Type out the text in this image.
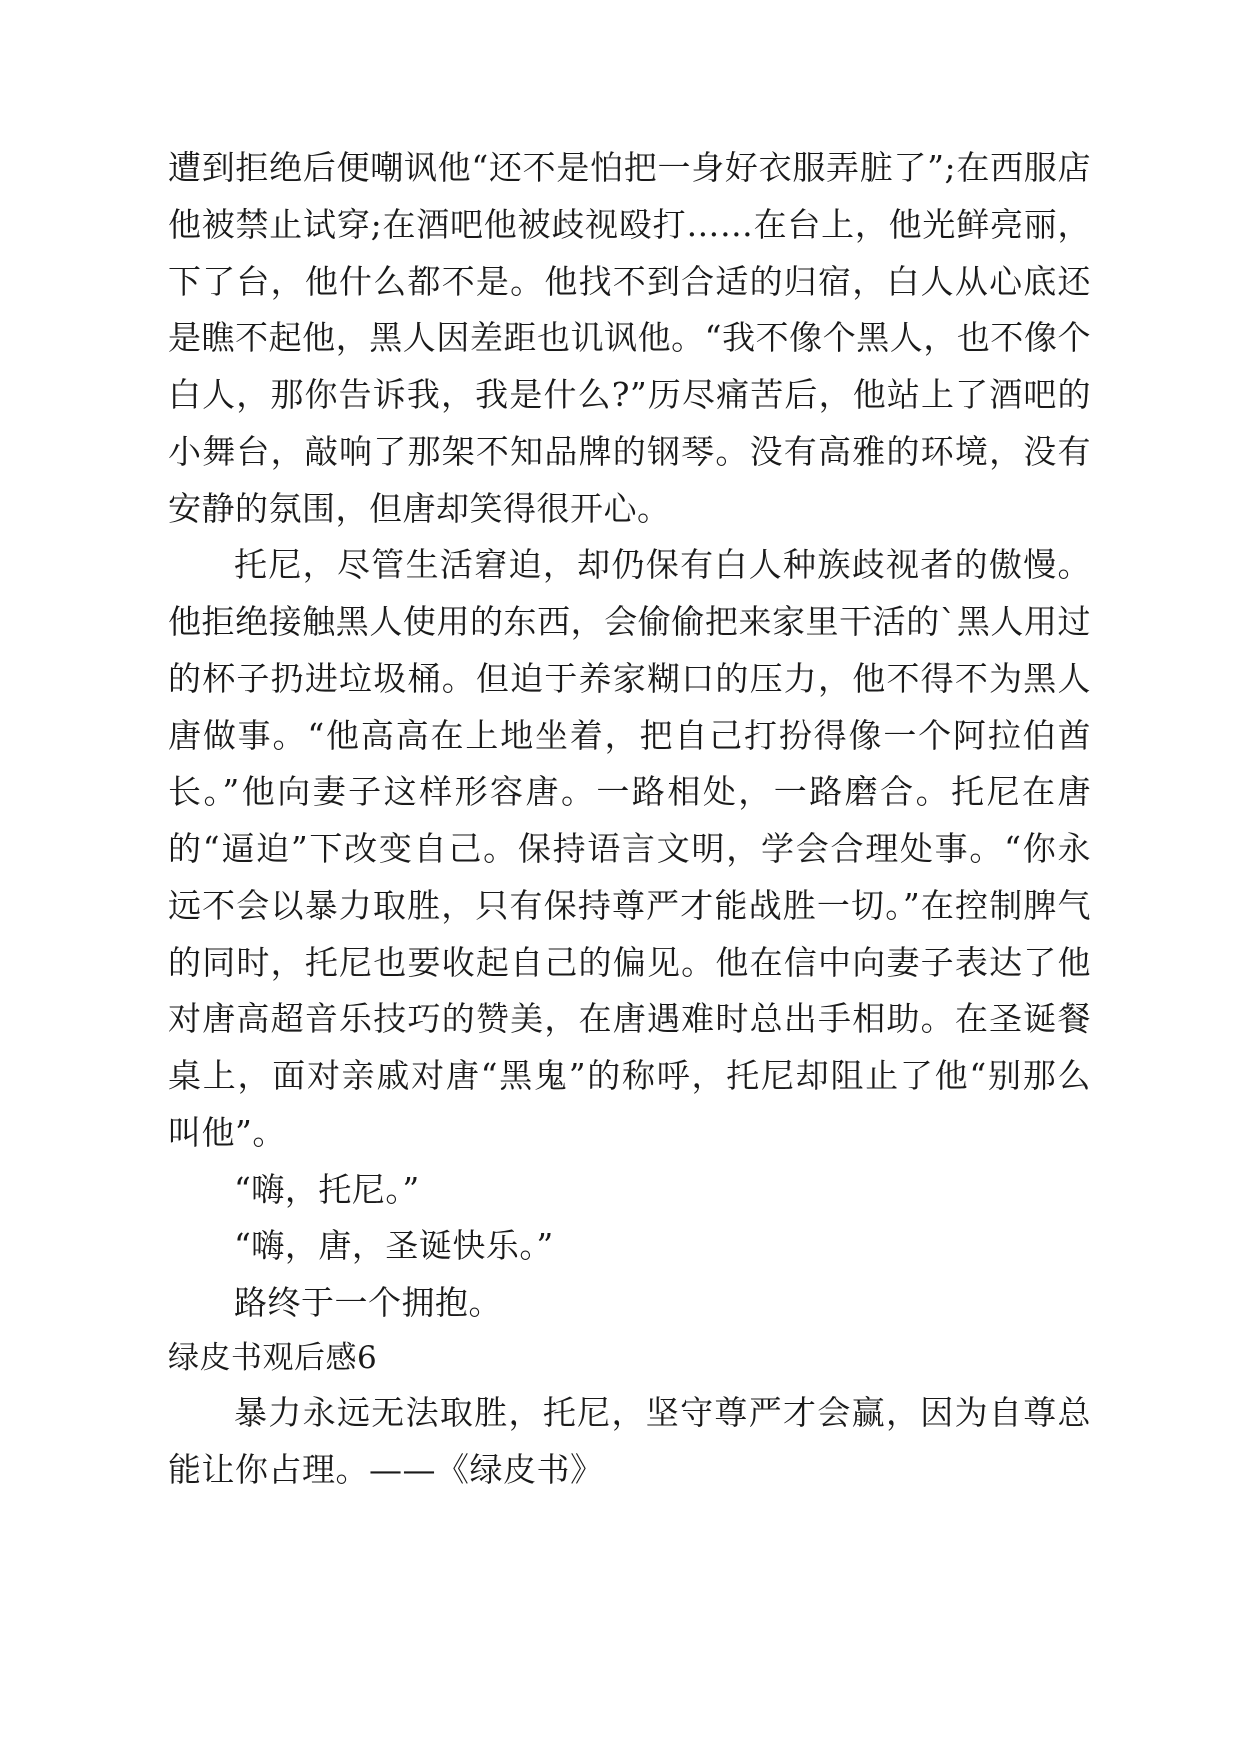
遭到拒绝后便嘲讽他“还不是怕把一身好衣服弄脏了”;在西服店他被禁止试穿;在酒吧他被歧视殴打……在台上，他光鲜亮丽，下了台，他什么都不是。他找不到合适的归宿，白人从心底还是瞧不起他，黑人因差距也讥讽他。“我不像个黑人，也不像个白人，那你告诉我，我是什么?”历尽痛苦后，他站上了酒吧的小舞台，敲响了那架不知品牌的钢琴。没有高雅的环境，没有安静的氛围，但唐却笑得很开心。

托尼，尽管生活窘迫，却仍保有白人种族歧视者的傲慢。他拒绝接触黑人使用的东西，会偷偷把来家里干活的`黑人用过的杯子扔进垃圾桶。但迫于养家糊口的压力，他不得不为黑人唐做事。“他高高在上地坐着，把自己打扮得像一个阿拉伯酋长。”他向妻子这样形容唐。一路相处，一路磨合。托尼在唐的“逼迫”下改变自己。保持语言文明，学会合理处事。“你永远不会以暴力取胜，只有保持尊严才能战胜一切。”在控制脾气的同时，托尼也要收起自己的偏见。他在信中向妻子表达了他对唐高超音乐技巧的赞美，在唐遇难时总出手相助。在圣诞餐桌上，面对亲戚对唐“黑鬼”的称呼，托尼却阻止了他“别那么叫他”。

“嗨，托尼。”

“嗨，唐，圣诞快乐。”

路终于一个拥抱。

绿皮书观后感6

暴力永远无法取胜，托尼，坚守尊严才会赢，因为自尊总能让你占理。——《绿皮书》
